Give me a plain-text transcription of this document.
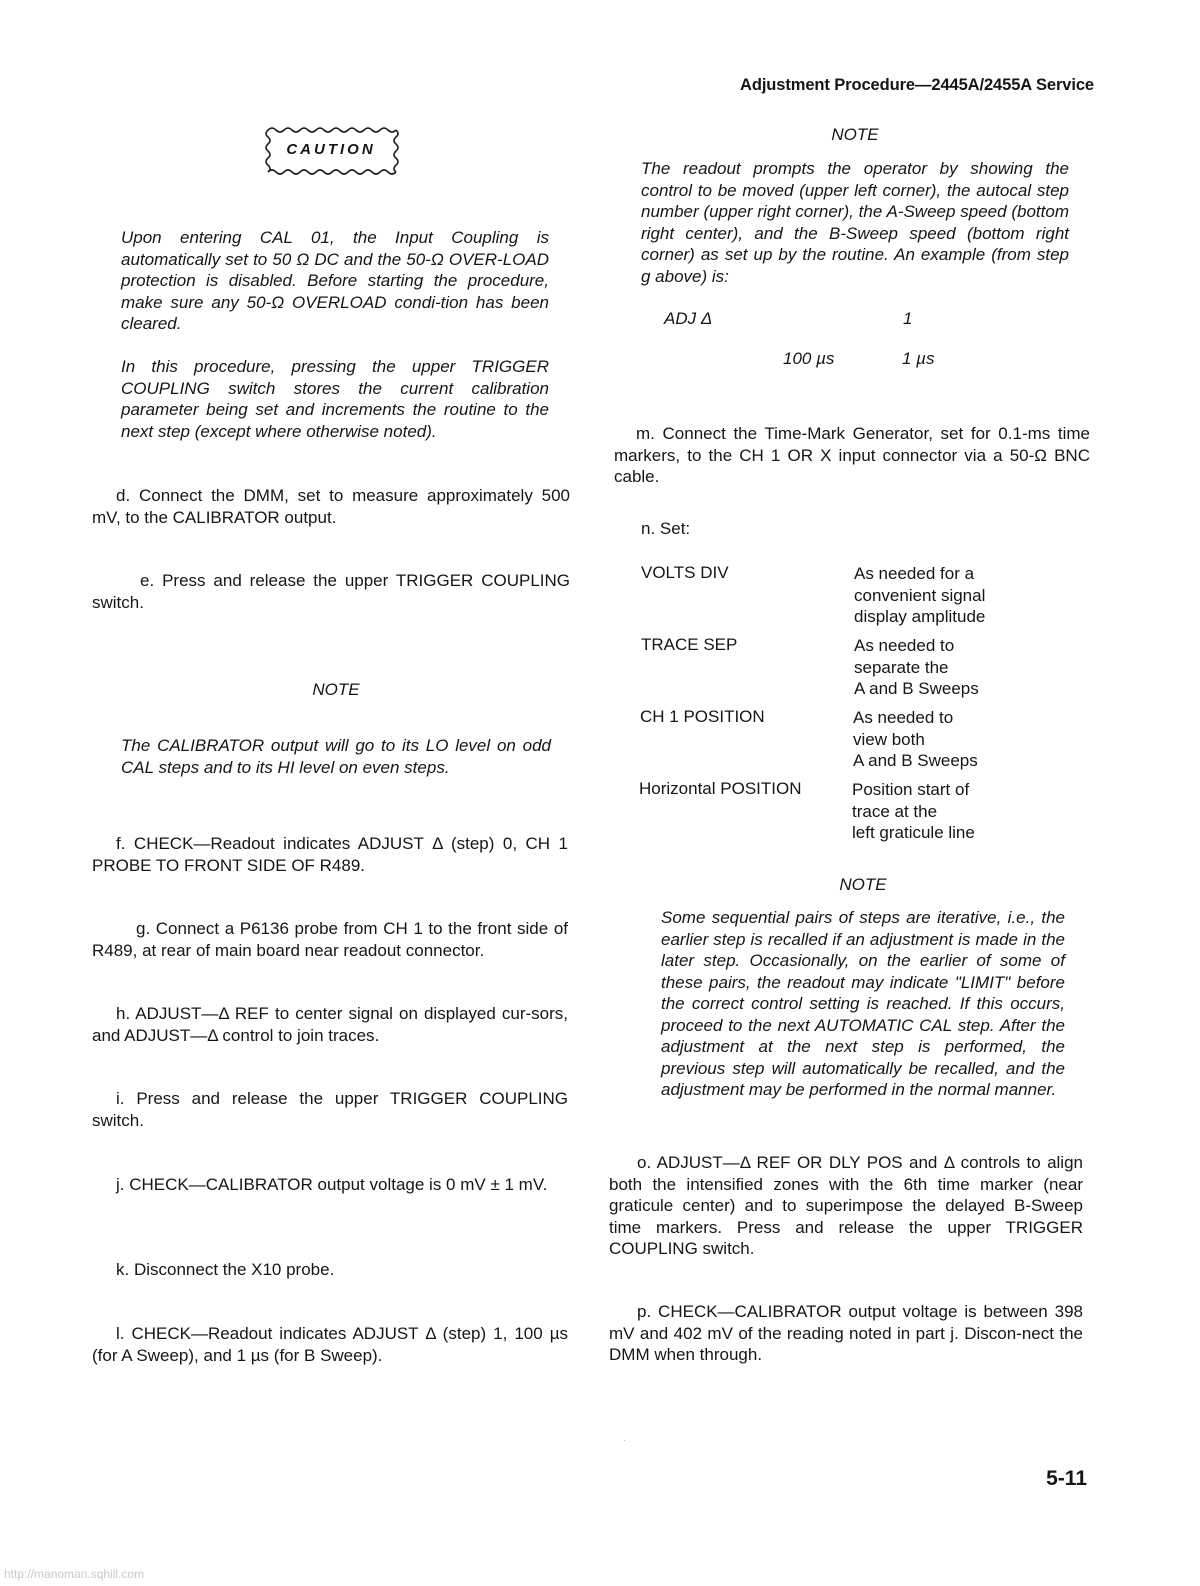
Adjustment Procedure—2445A/2455A Service
CAUTION

Upon entering CAL 01, the Input Coupling is automatically set to 50 Ω DC and the 50-Ω OVER-LOAD protection is disabled. Before starting the procedure, make sure any 50-Ω OVERLOAD condi-tion has been cleared.

In this procedure, pressing the upper TRIGGER COUPLING switch stores the current calibration parameter being set and increments the routine to the next step (except where otherwise noted).

d. Connect the DMM, set to measure approximately 500 mV, to the CALIBRATOR output.

e. Press and release the upper TRIGGER COUPLING switch.

NOTE

The CALIBRATOR output will go to its LO level on odd CAL steps and to its HI level on even steps.

f. CHECK—Readout indicates ADJUST Δ (step) 0, CH 1 PROBE TO FRONT SIDE OF R489.

g. Connect a P6136 probe from CH 1 to the front side of R489, at rear of main board near readout connector.

h. ADJUST—Δ REF to center signal on displayed cur-sors, and ADJUST—Δ control to join traces.

i. Press and release the upper TRIGGER COUPLING switch.

j. CHECK—CALIBRATOR output voltage is 0 mV ± 1 mV.

k. Disconnect the X10 probe.

l. CHECK—Readout indicates ADJUST Δ (step) 1, 100 µs (for A Sweep), and 1 µs (for B Sweep).

NOTE

The readout prompts the operator by showing the control to be moved (upper left corner), the autocal step number (upper right corner), the A-Sweep speed (bottom right center), and the B-Sweep speed (bottom right corner) as set up by the routine. An example (from step g above) is:

ADJ Δ	1
100 µs	1 µs

m. Connect the Time-Mark Generator, set for 0.1-ms time markers, to the CH 1 OR X input connector via a 50-Ω BNC cable.

n. Set:

VOLTS DIV	As needed for a
convenient signal
display amplitude
TRACE SEP	As needed to
separate the
A and B Sweeps
CH 1 POSITION	As needed to
view both
A and B Sweeps
Horizontal POSITION	Position start of
trace at the
left graticule line

NOTE

Some sequential pairs of steps are iterative, i.e., the earlier step is recalled if an adjustment is made in the later step. Occasionally, on the earlier of some of these pairs, the readout may indicate "LIMIT" before the correct control setting is reached. If this occurs, proceed to the next AUTOMATIC CAL step. After the adjustment at the next step is performed, the previous step will automatically be recalled, and the adjustment may be performed in the normal manner.

o. ADJUST—Δ REF OR DLY POS and Δ controls to align both the intensified zones with the 6th time marker (near graticule center) and to superimpose the delayed B-Sweep time markers. Press and release the upper TRIGGER COUPLING switch.

p. CHECK—CALIBRATOR output voltage is between 398 mV and 402 mV of the reading noted in part j. Discon-nect the DMM when through.

5-11
http://manoman.sqhill.com
